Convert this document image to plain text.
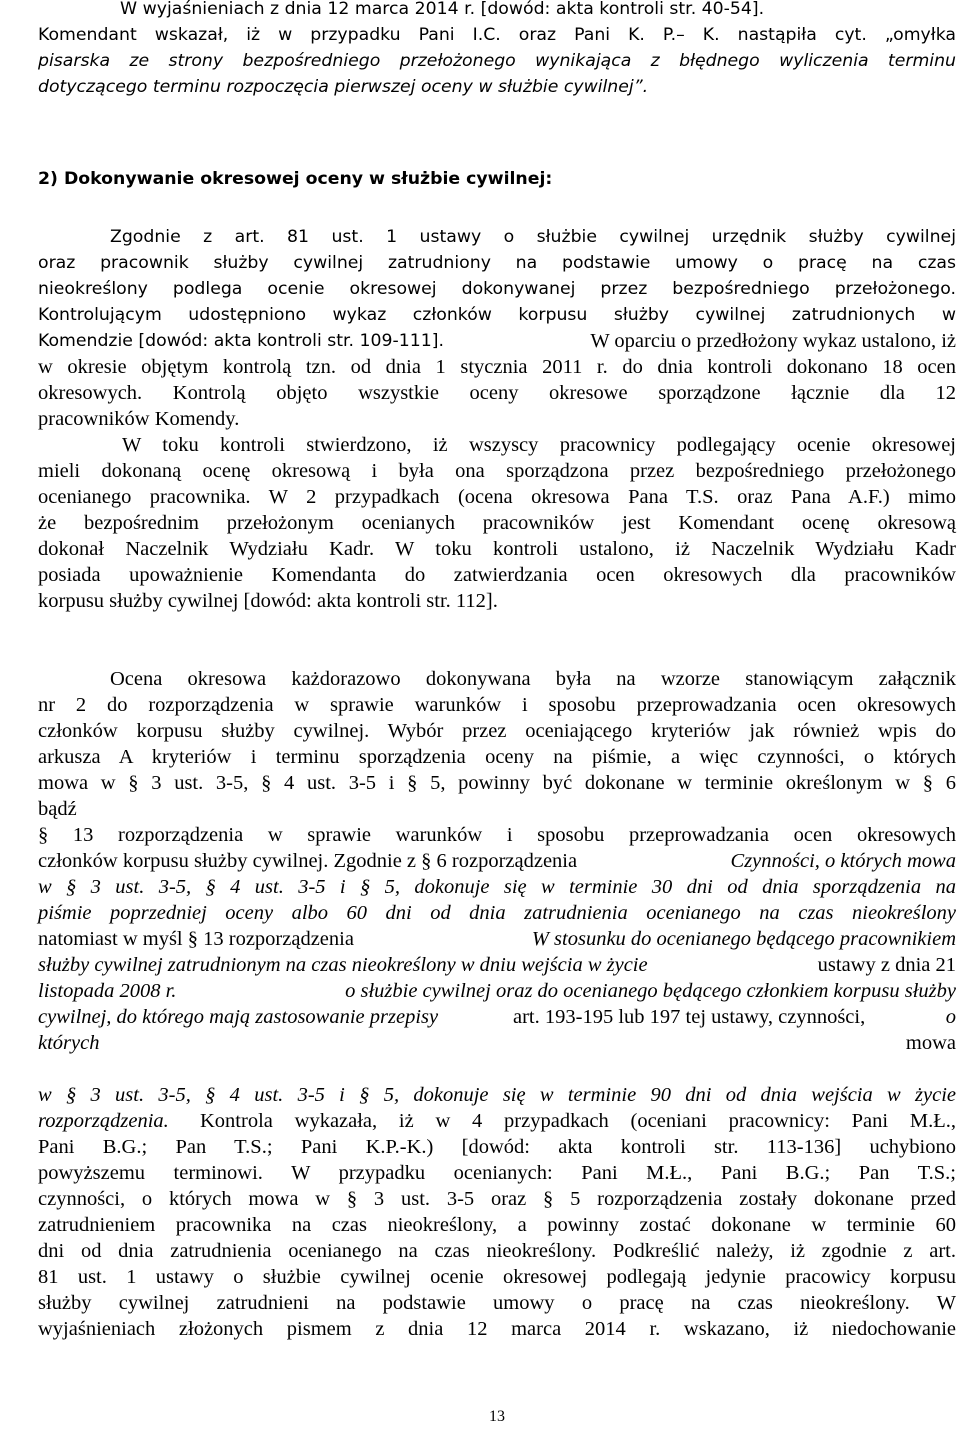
W wyjaśnieniach z dnia 12 marca 2014 r. [dowód: akta kontroli str. 40-54].
Komendant wskazał, iż w przypadku Pani I.C. oraz Pani K. P.– K. nastąpiła cyt. „omyłka
pisarska ze strony bezpośredniego przełożonego wynikająca z błędnego wyliczenia terminu
dotyczącego terminu rozpoczęcia pierwszej oceny w służbie cywilnej”.
2) Dokonywanie okresowej oceny w służbie cywilnej:
Zgodnie z art. 81 ust. 1 ustawy o służbie cywilnej urzędnik służby cywilnej
oraz pracownik służby cywilnej zatrudniony na podstawie umowy o pracę na czas
nieokreślony podlega ocenie okresowej dokonywanej przez bezpośredniego przełożonego.
Kontrolującym udostępniono wykaz członków korpusu służby cywilnej zatrudnionych w
Komendzie [dowód: akta kontroli str. 109-111].	W oparciu o przedłożony wykaz ustalono, iż
w okresie objętym kontrolą tzn. od dnia 1 stycznia 2011 r. do dnia kontroli dokonano 18 ocen
okresowych. Kontrolą objęto wszystkie oceny okresowe sporządzone łącznie dla 12
pracowników Komendy.
W toku kontroli stwierdzono, iż wszyscy pracownicy podlegający ocenie okresowej
mieli dokonaną ocenę okresową i była ona sporządzona przez bezpośredniego przełożonego
ocenianego pracownika. W 2 przypadkach (ocena okresowa Pana T.S. oraz Pana A.F.) mimo
że bezpośrednim przełożonym ocenianych pracowników jest Komendant ocenę okresową
dokonał Naczelnik Wydziału Kadr. W toku kontroli ustalono, iż Naczelnik Wydziału Kadr
posiada upoważnienie Komendanta do zatwierdzania ocen okresowych dla pracowników
korpusu służby cywilnej [dowód: akta kontroli str. 112].
Ocena okresowa każdorazowo dokonywana była na wzorze stanowiącym załącznik
nr 2 do rozporządzenia w sprawie warunków i sposobu przeprowadzania ocen okresowych
członków korpusu służby cywilnej. Wybór przez oceniającego kryteriów jak również wpis do
arkusza A kryteriów i terminu sporządzenia oceny na piśmie, a więc czynności, o których
mowa w § 3 ust. 3-5, § 4 ust. 3-5 i § 5, powinny być dokonane w terminie określonym w § 6
bądź
§ 13 rozporządzenia w sprawie warunków i sposobu przeprowadzania ocen okresowych
członków korpusu służby cywilnej. Zgodnie z § 6 rozporządzenia	Czynności, o których mowa
w § 3 ust. 3-5, § 4 ust. 3-5 i § 5, dokonuje się w terminie 30 dni od dnia sporządzenia na
piśmie poprzedniej oceny albo 60 dni od dnia zatrudnienia ocenianego na czas nieokreślony
natomiast w myśl § 13 rozporządzenia	W stosunku do ocenianego będącego pracownikiem
służby cywilnej zatrudnionym na czas nieokreślony w dniu wejścia w życie	ustawy z dnia 21
listopada 2008 r.	o służbie cywilnej oraz do ocenianego będącego członkiem korpusu służby
cywilnej, do którego mają zastosowanie przepisy	art. 193-195 lub 197 tej ustawy, czynności,	o
których	mowa
w § 3 ust. 3-5, § 4 ust. 3-5 i § 5, dokonuje się w terminie 90 dni od dnia wejścia w życie
rozporządzenia.	Kontrola wykazała, iż w 4 przypadkach (oceniani pracownicy: Pani M.Ł.,
Pani B.G.; Pan T.S.; Pani K.P.-K.) [dowód: akta kontroli str. 113-136] uchybiono
powyższemu terminowi. W przypadku ocenianych: Pani M.Ł., Pani B.G.; Pan T.S.;
czynności, o których mowa w § 3 ust. 3-5 oraz § 5 rozporządzenia zostały dokonane przed
zatrudnieniem pracownika na czas nieokreślony, a powinny zostać dokonane w terminie 60
dni od dnia zatrudnienia ocenianego na czas nieokreślony. Podkreślić należy, iż zgodnie z art.
81 ust. 1 ustawy o służbie cywilnej ocenie okresowej podlegają jedynie pracowicy korpusu
służby cywilnej zatrudnieni na podstawie umowy o pracę na czas nieokreślony. W
wyjaśnieniach złożonych pismem z dnia 12 marca 2014 r. wskazano, iż niedochowanie
13
